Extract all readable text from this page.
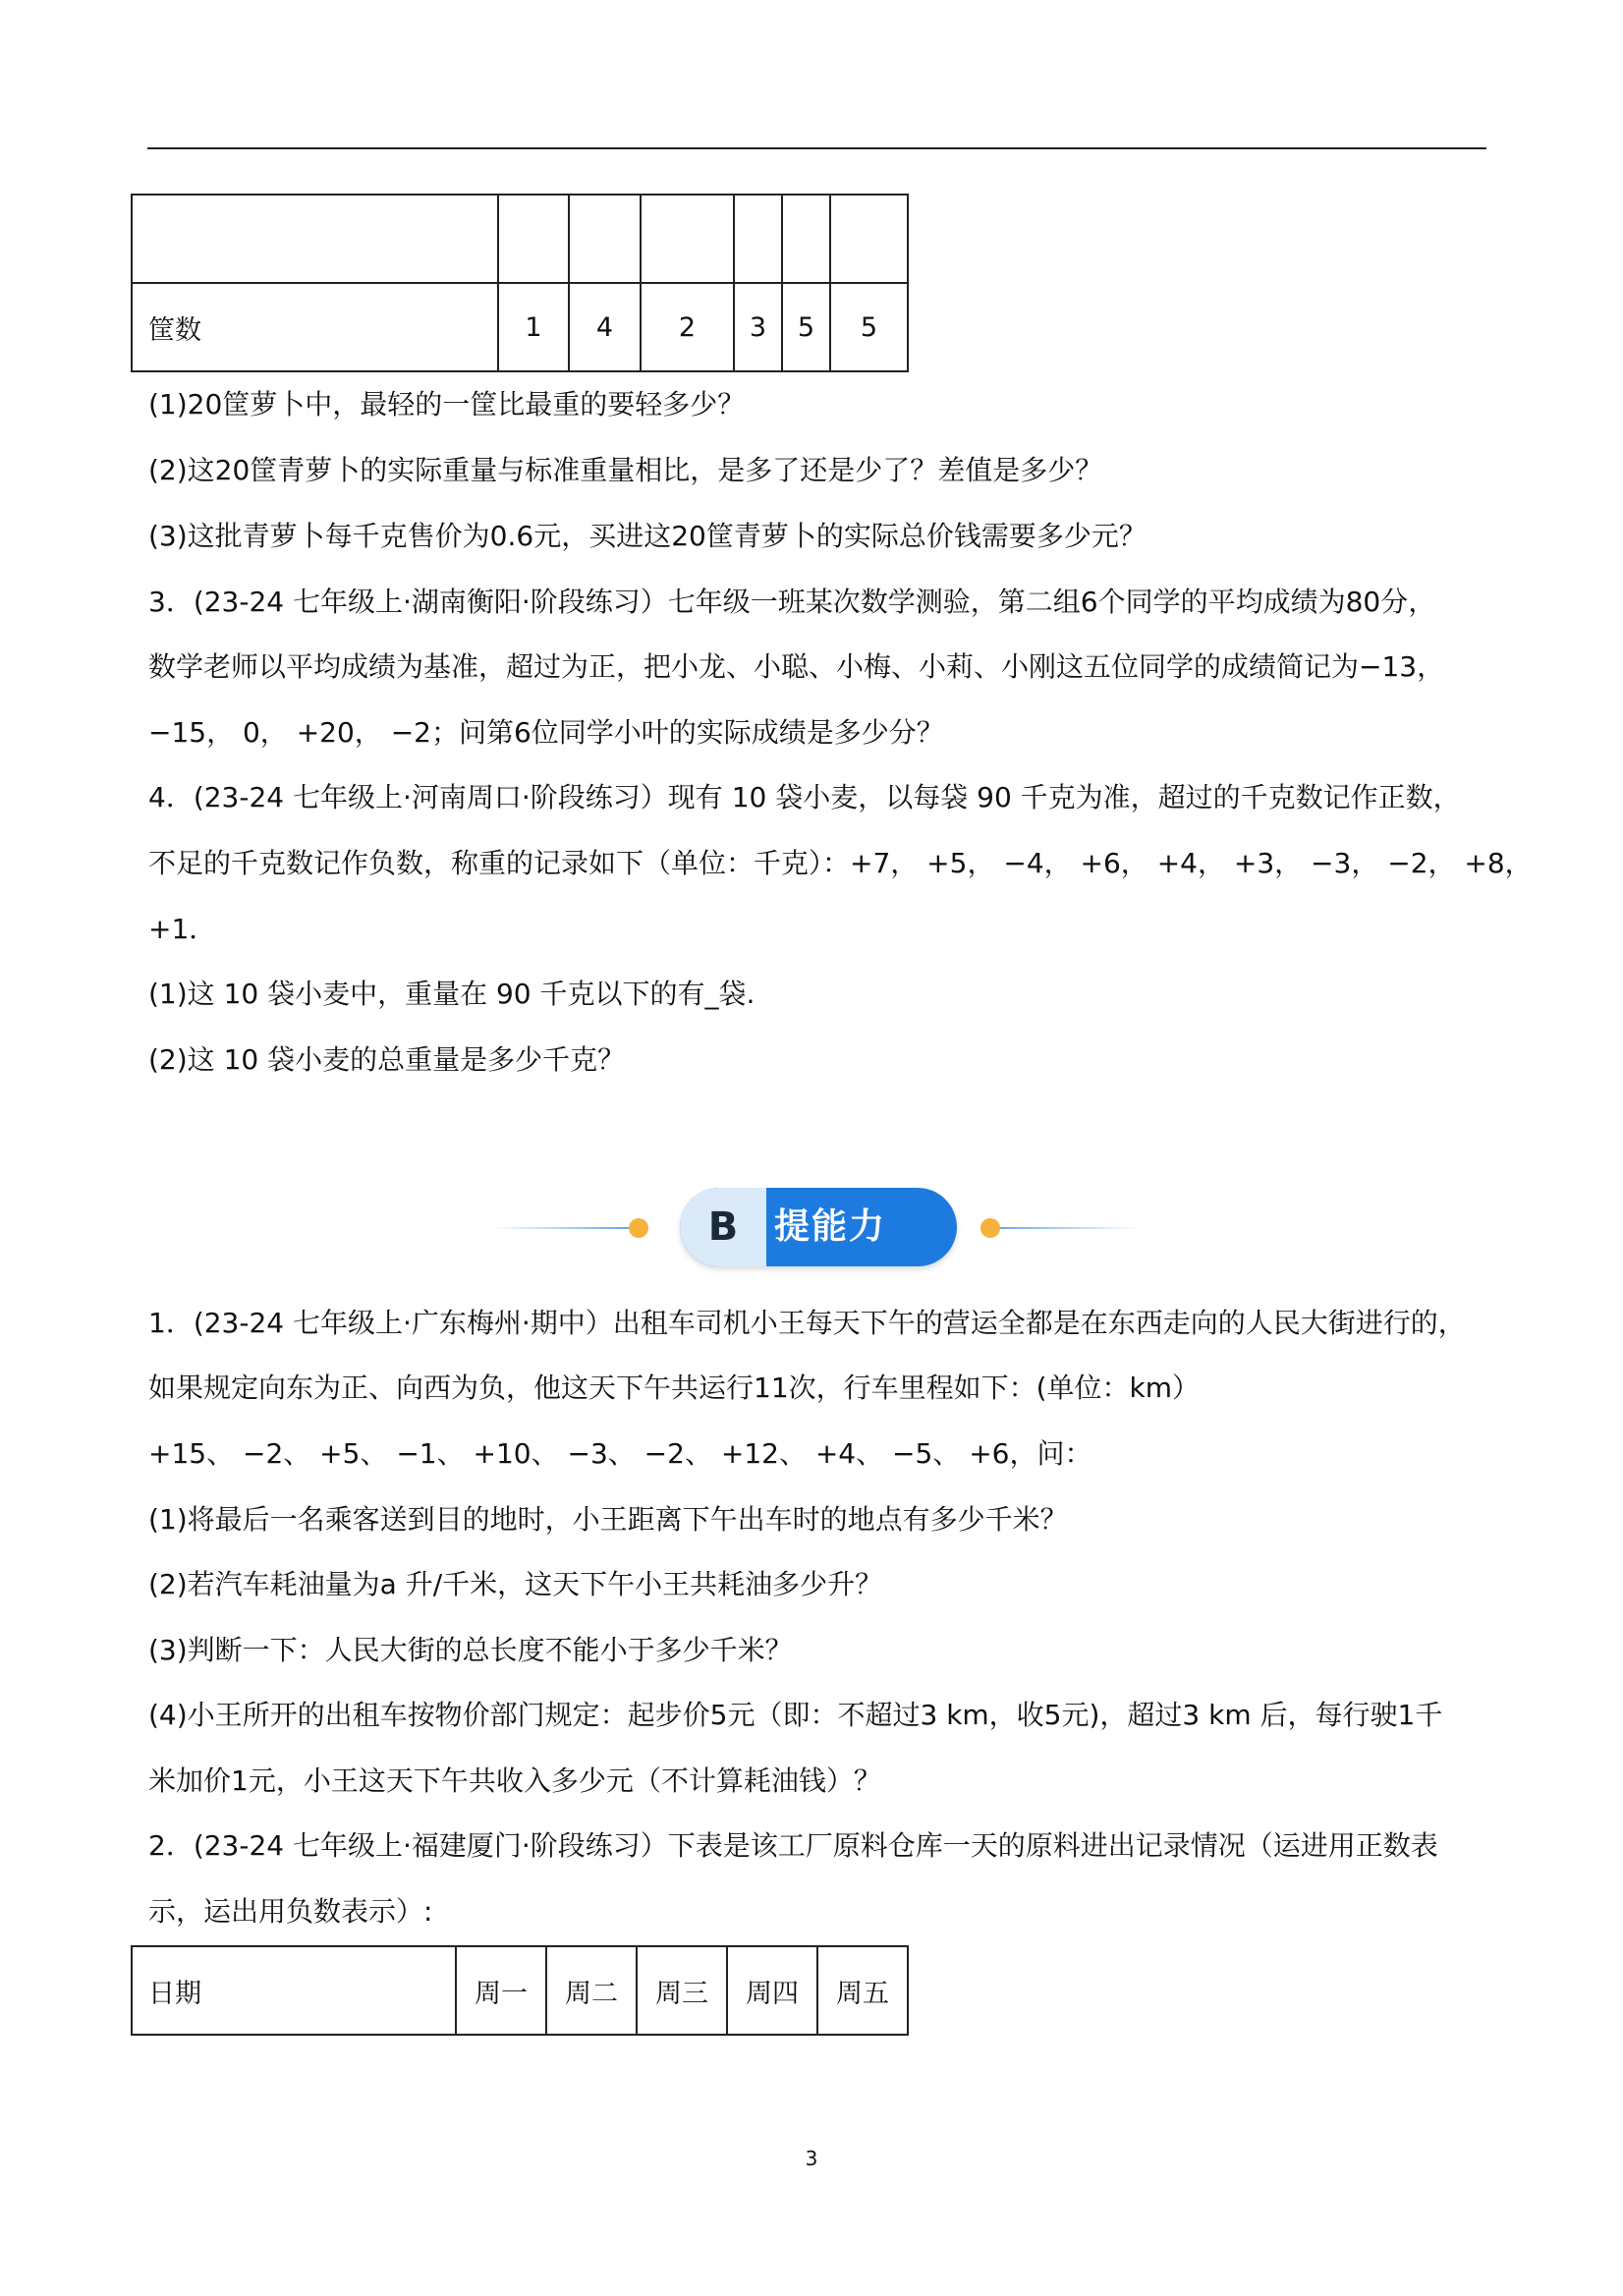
筐数	1	4	2	3	5	5
(1)20筐萝卜中，最轻的一筐比最重的要轻多少？
(2)这20筐青萝卜的实际重量与标准重量相比，是多了还是少了？差值是多少？
(3)这批青萝卜每千克售价为0.6元，买进这20筐青萝卜的实际总价钱需要多少元？
3．(23-24 七年级上·湖南衡阳·阶段练习）七年级一班某次数学测验，第二组6个同学的平均成绩为80分，
数学老师以平均成绩为基准，超过为正，把小龙、小聪、小梅、小莉、小刚这五位同学的成绩简记为−13，
−15， 0， +20， −2；问第6位同学小叶的实际成绩是多少分？
4．(23-24 七年级上·河南周口·阶段练习）现有 10 袋小麦，以每袋 90 千克为准，超过的千克数记作正数，
不足的千克数记作负数，称重的记录如下（单位：千克）：+7， +5， −4， +6， +4， +3， −3， −2， +8，
+1．
(1)这 10 袋小麦中，重量在 90 千克以下的有_袋.
(2)这 10 袋小麦的总重量是多少千克？
B 提能力
1．(23-24 七年级上·广东梅州·期中）出租车司机小王每天下午的营运全都是在东西走向的人民大街进行的，
如果规定向东为正、向西为负，他这天下午共运行11次，行车里程如下：(单位：km）
+15、 −2、 +5、 −1、 +10、 −3、 −2、 +12、 +4、 −5、 +6，问：
(1)将最后一名乘客送到目的地时，小王距离下午出车时的地点有多少千米？
(2)若汽车耗油量为a 升/千米，这天下午小王共耗油多少升？
(3)判断一下：人民大街的总长度不能小于多少千米？
(4)小王所开的出租车按物价部门规定：起步价5元（即：不超过3 km，收5元)，超过3 km 后，每行驶1千
米加价1元，小王这天下午共收入多少元（不计算耗油钱）？
2．(23-24 七年级上·福建厦门·阶段练习）下表是该工厂原料仓库一天的原料进出记录情况（运进用正数表
示，运出用负数表示）:
日期	周一	周二	周三	周四	周五
3
